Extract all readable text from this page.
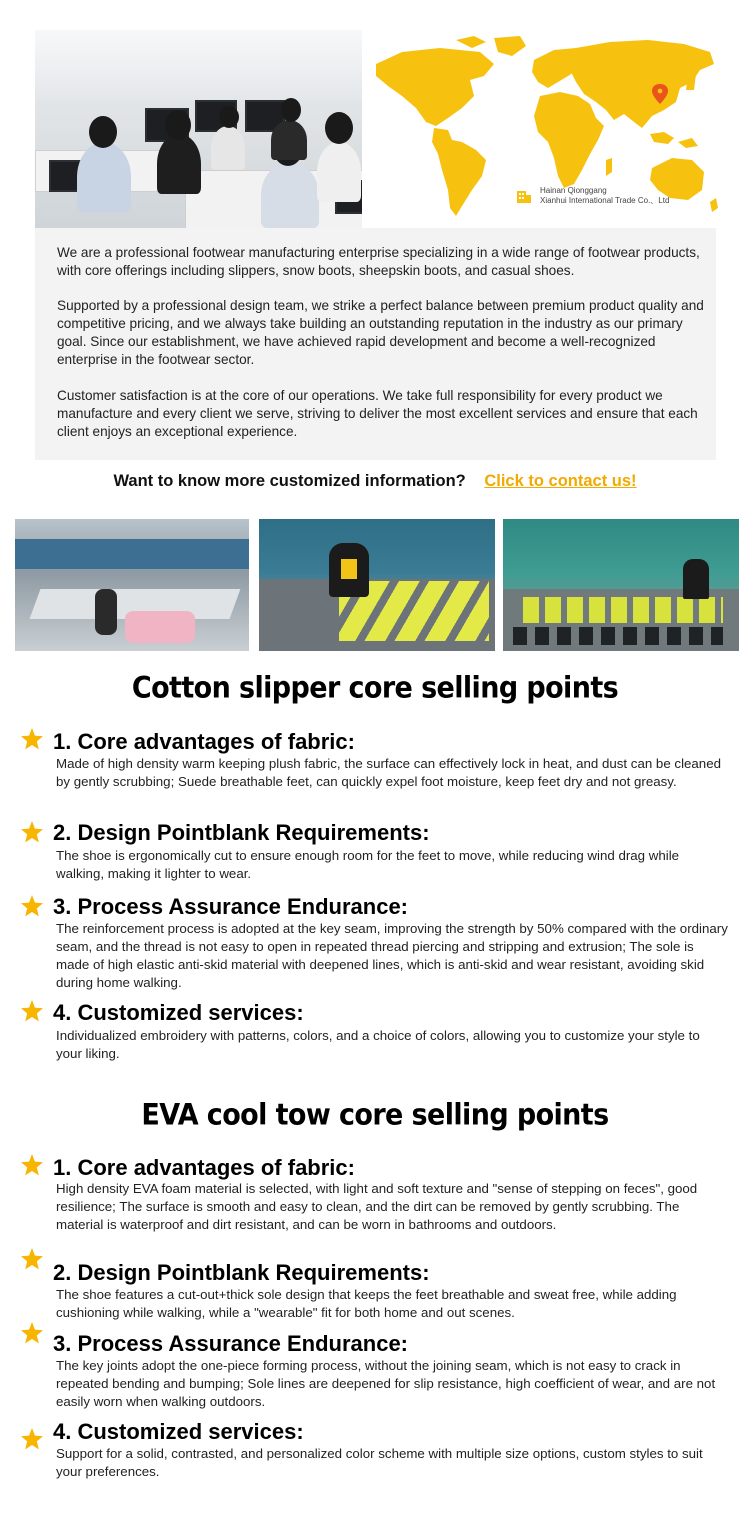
Hainan Qionggang
Xianhui International Trade Co.、Ltd

We are a professional footwear manufacturing enterprise specializing in a wide range of footwear products, with core offerings including slippers, snow boots, sheepskin boots, and casual shoes.

Supported by a professional design team, we strike a perfect balance between premium product quality and competitive pricing, and we always take building an outstanding reputation in the industry as our primary goal. Since our establishment, we have achieved rapid development and become a well-recognized enterprise in the footwear sector.

Customer satisfaction is at the core of our operations. We take full responsibility for every product we manufacture and every client we serve, striving to deliver the most excellent services and ensure that each client enjoys an exceptional experience.

Want to know more customized information? Click to contact us!
Cotton slipper core selling points
1. Core advantages of fabric:
Made of high density warm keeping plush fabric, the surface can effectively lock in heat, and dust can be cleaned by gently scrubbing; Suede breathable feet, can quickly expel foot moisture, keep feet dry and not greasy.
2. Design Pointblank Requirements:
The shoe is ergonomically cut to ensure enough room for the feet to move, while reducing wind drag while walking, making it lighter to wear.
3. Process Assurance Endurance:
The reinforcement process is adopted at the key seam, improving the strength by 50% compared with the ordinary seam, and the thread is not easy to open in repeated thread piercing and stripping and extrusion; The sole is made of high elastic anti-skid material with deepened lines, which is anti-skid and wear resistant, avoiding skid during home walking.
4. Customized services:
Individualized embroidery with patterns, colors, and a choice of colors, allowing you to customize your style to your liking.
EVA cool tow core selling points
1. Core advantages of fabric:
High density EVA foam material is selected, with light and soft texture and "sense of stepping on feces", good resilience; The surface is smooth and easy to clean, and the dirt can be removed by gently scrubbing. The material is waterproof and dirt resistant, and can be worn in bathrooms and outdoors.
2. Design Pointblank Requirements:
The shoe features a cut-out+thick sole design that keeps the feet breathable and sweat free, while adding cushioning while walking, while a "wearable" fit for both home and out scenes.
3. Process Assurance Endurance:
The key joints adopt the one-piece forming process, without the joining seam, which is not easy to crack in repeated bending and bumping; Sole lines are deepened for slip resistance, high coefficient of wear, and are not easily worn when walking outdoors.
4. Customized services:
Support for a solid, contrasted, and personalized color scheme with multiple size options, custom styles to suit your preferences.
